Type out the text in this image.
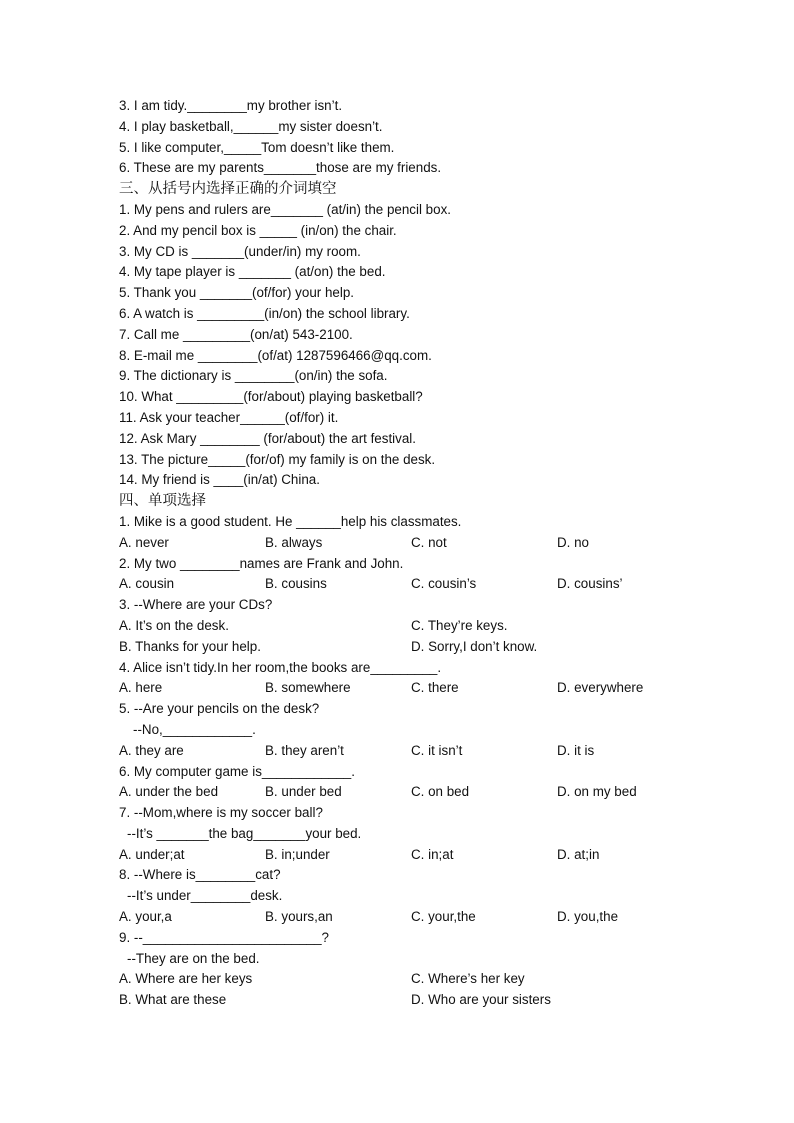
3. I am tidy.________my brother isn’t.
4. I play basketball,______my sister doesn’t.
5. I like computer,_____Tom doesn’t like them.
6. These are my parents_______those are my friends.
三、从括号内选择正确的介词填空
1. My pens and rulers are_______ (at/in) the pencil box.
2. And my pencil box is _____ (in/on) the chair.
3. My CD is _______(under/in) my room.
4. My tape player is _______ (at/on) the bed.
5. Thank you _______(of/for) your help.
6. A watch is _________(in/on) the school library.
7. Call me _________(on/at) 543-2100.
8. E-mail me ________(of/at) 1287596466@qq.com.
9. The dictionary is ________(on/in) the sofa.
10. What _________(for/about) playing basketball?
11. Ask your teacher______(of/for) it.
12. Ask Mary ________ (for/about) the art festival.
13. The picture_____(for/of) my family is on the desk.
14. My friend is ____(in/at) China.
四、单项选择
1. Mike is a good student. He ______help his classmates.
A. never	B. always	C. not	D. no
2. My two ________names are Frank and John.
A. cousin	B. cousins	C. cousin’s	D. cousins’
3. --Where are your CDs?
A. It’s on the desk.	C. They’re keys.
B. Thanks for your help.	D. Sorry,I don’t know.
4. Alice isn’t tidy.In her room,the books are_________.
A. here	B. somewhere	C. there	D. everywhere
5. --Are your pencils on the desk?
--No,____________.
A. they are	B. they aren’t	C. it isn’t	D. it is
6. My computer game is____________.
A. under the bed	B. under bed	C. on bed	D. on my bed
7. --Mom,where is my soccer ball?
--It’s _______the bag_______your bed.
A. under;at	B. in;under	C. in;at	D. at;in
8. --Where is________cat?
--It’s under________desk.
A. your,a	B. yours,an	C. your,the	D. you,the
9. --________________________?
--They are on the bed.
A. Where are her keys	C. Where’s her key
B. What are these	D. Who are your sisters
